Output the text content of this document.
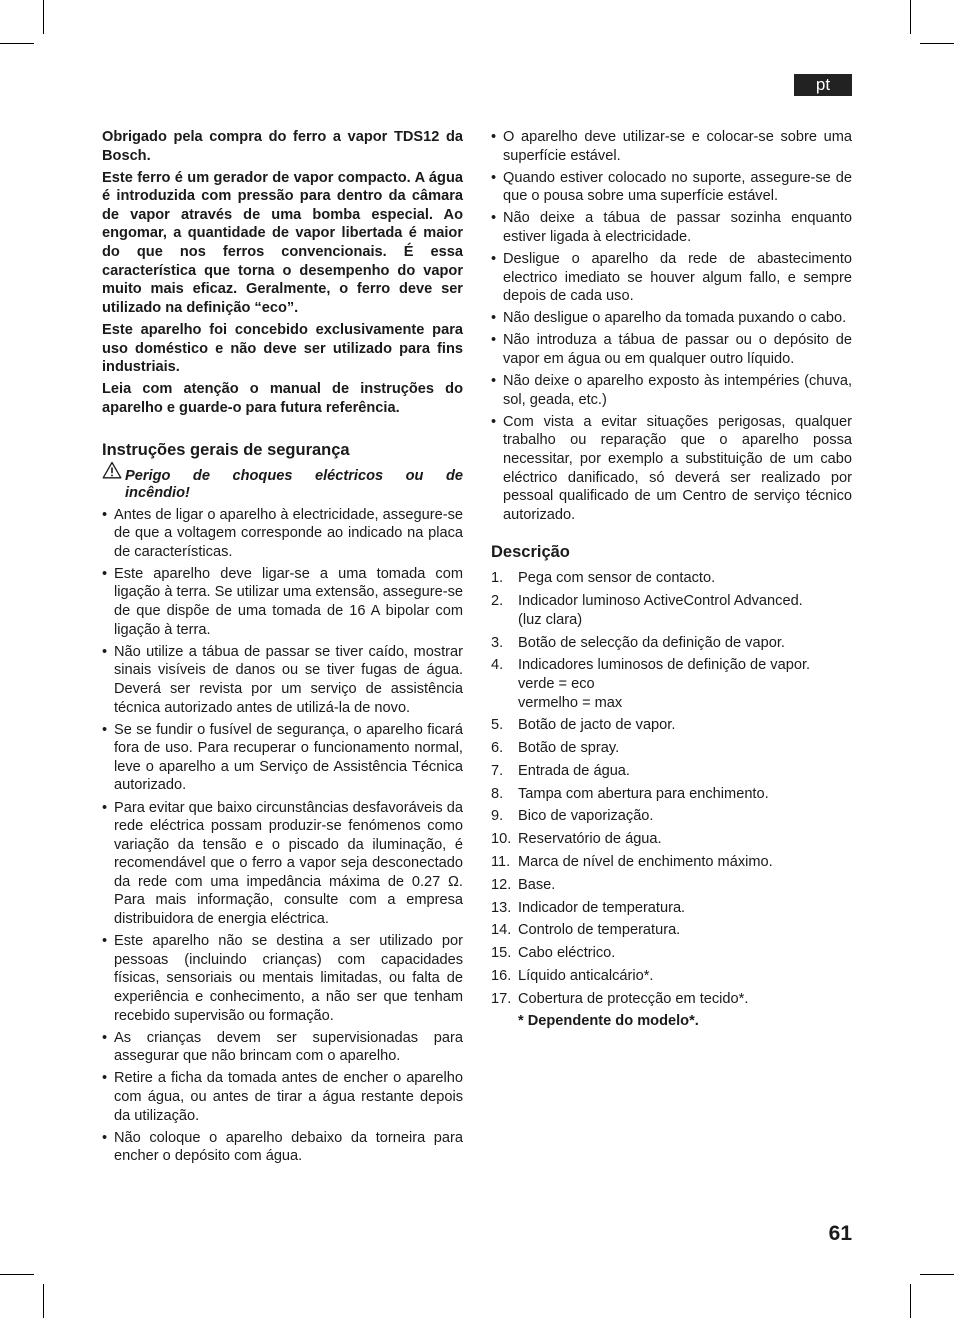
pt

Obrigado pela compra do ferro a vapor TDS12 da Bosch.

Este ferro é um gerador de vapor compacto. A água é introduzida com pressão para dentro da câmara de vapor através de uma bomba especial. Ao engomar, a quantidade de vapor libertada é maior do que nos ferros convencionais. É essa característica que torna o desempenho do vapor muito mais eficaz. Geralmente, o ferro deve ser utilizado na definição “eco”.

Este aparelho foi concebido exclusivamente para uso doméstico e não deve ser utilizado para fins industriais.

Leia com atenção o manual de instruções do aparelho e guarde-o para futura referência.

Instruções gerais de segurança
Perigo de choques eléctricos ou de
incêndio!
• Antes de ligar o aparelho à electricidade, assegure-se de que a voltagem corresponde ao indicado na placa de características.
• Este aparelho deve ligar-se a uma tomada com ligação à terra. Se utilizar uma extensão, assegure-se de que dispõe de uma tomada de 16 A bipolar com ligação à terra.
• Não utilize a tábua de passar se tiver caído, mostrar sinais visíveis de danos ou se tiver fugas de água. Deverá ser revista por um serviço de assistência técnica autorizado antes de utilizá-la de novo.
• Se se fundir o fusível de segurança, o aparelho ficará fora de uso. Para recuperar o funcionamento normal, leve o aparelho a um Serviço de Assistência Técnica autorizado.
• Para evitar que baixo circunstâncias desfavoráveis da rede eléctrica possam produzir-se fenómenos como variação da tensão e o piscado da iluminação, é recomendável que o ferro a vapor seja desconectado da rede com uma impedância máxima de 0.27 Ω. Para mais informação, consulte com a empresa distribuidora de energia eléctrica.
• Este aparelho não se destina a ser utilizado por pessoas (incluindo crianças) com capacidades físicas, sensoriais ou mentais limitadas, ou falta de experiência e conhecimento, a não ser que tenham recebido supervisão ou formação.
• As crianças devem ser supervisionadas para assegurar que não brincam com o aparelho.
• Retire a ficha da tomada antes de encher o aparelho com água, ou antes de tirar a água restante depois da utilização.
• Não coloque o aparelho debaixo da torneira para encher o depósito com água.
• O aparelho deve utilizar-se e colocar-se sobre uma superfície estável.
• Quando estiver colocado no suporte, assegure-se de que o pousa sobre uma superfície estável.
• Não deixe a tábua de passar sozinha enquanto estiver ligada à electricidade.
• Desligue o aparelho da rede de abastecimento electrico imediato se houver algum fallo, e sempre depois de cada uso.
• Não desligue o aparelho da tomada puxando o cabo.
• Não introduza a tábua de passar ou o depósito de vapor em água ou em qualquer outro líquido.
• Não deixe o aparelho exposto às intempéries (chuva, sol, geada, etc.)
• Com vista a evitar situações perigosas, qualquer trabalho ou reparação que o aparelho possa necessitar, por exemplo a substituição de um cabo eléctrico danificado, só deverá ser realizado por pessoal qualificado de um Centro de serviço técnico autorizado.
Descrição
1.	Pega com sensor de contacto.
2.	Indicador luminoso ActiveControl Advanced.
(luz clara)
3.	Botão de selecção da definição de vapor.
4.	Indicadores luminosos de definição de vapor.
verde = eco
vermelho = max
5.	Botão de jacto de vapor.
6.	Botão de spray.
7.	Entrada de água.
8.	Tampa com abertura para enchimento.
9.	Bico de vaporização.
10. Reservatório de água.
11. Marca de nível de enchimento máximo.
12. Base.
13. Indicador de temperatura.
14. Controlo de temperatura.
15. Cabo eléctrico.
16. Líquido anticalcário*.
17. Cobertura de protecção em tecido*.
* Dependente do modelo*.
61
